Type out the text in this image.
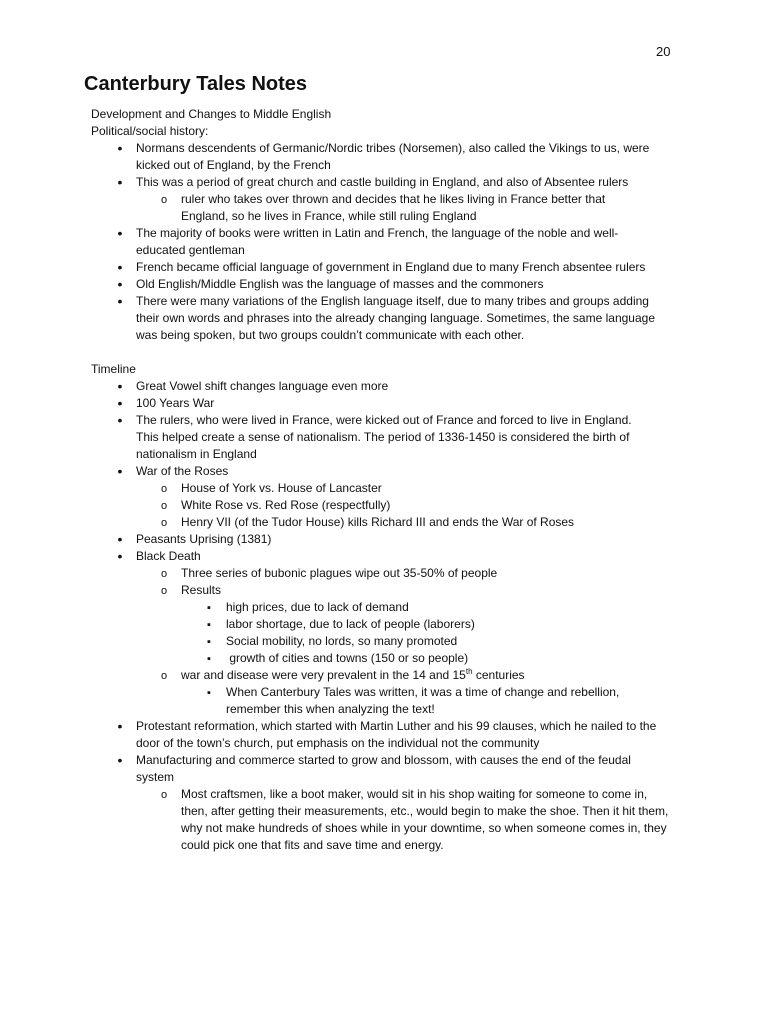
20
Canterbury Tales Notes

Development and Changes to Middle English

Political/social history:

•
Normans descendents of Germanic/Nordic tribes (Norsemen), also called the Vikings to us, were kicked out of England, by the French
•
This was a period of great church and castle building in England, and also of Absentee rulers
o
ruler who takes over thrown and decides that he likes living in France better that England, so he lives in France, while still ruling England
•
The majority of books were written in Latin and French, the language of the noble and well-educated gentleman
•
French became official language of government in England due to many French absentee rulers
•
Old English/Middle English was the language of masses and the commoners
•
There were many variations of the English language itself, due to many tribes and groups adding their own words and phrases into the already changing language. Sometimes, the same language was being spoken, but two groups couldn’t communicate with each other.

Timeline

•
Great Vowel shift changes language even more
•
100 Years War
•
The rulers, who were lived in France, were kicked out of France and forced to live in England. This helped create a sense of nationalism. The period of 1336-1450 is considered the birth of nationalism in England
•
War of the Roses
o
House of York vs. House of Lancaster
o
White Rose vs. Red Rose (respectfully)
o
Henry VII (of the Tudor House) kills Richard III and ends the War of Roses
•
Peasants Uprising (1381)
•
Black Death
o
Three series of bubonic plagues wipe out 35-50% of people
o
Results
▪
high prices, due to lack of demand
▪
labor shortage, due to lack of people (laborers)
▪
Social mobility, no lords, so many promoted
▪
growth of cities and towns (150 or so people)
o
war and disease were very prevalent in the 14 and 15th centuries
▪
When Canterbury Tales was written, it was a time of change and rebellion, remember this when analyzing the text!
•
Protestant reformation, which started with Martin Luther and his 99 clauses, which he nailed to the door of the town’s church, put emphasis on the individual not the community
•
Manufacturing and commerce started to grow and blossom, with causes the end of the feudal system
o
Most craftsmen, like a boot maker, would sit in his shop waiting for someone to come in, then, after getting their measurements, etc., would begin to make the shoe. Then it hit them, why not make hundreds of shoes while in your downtime, so when someone comes in, they could pick one that fits and save time and energy.
